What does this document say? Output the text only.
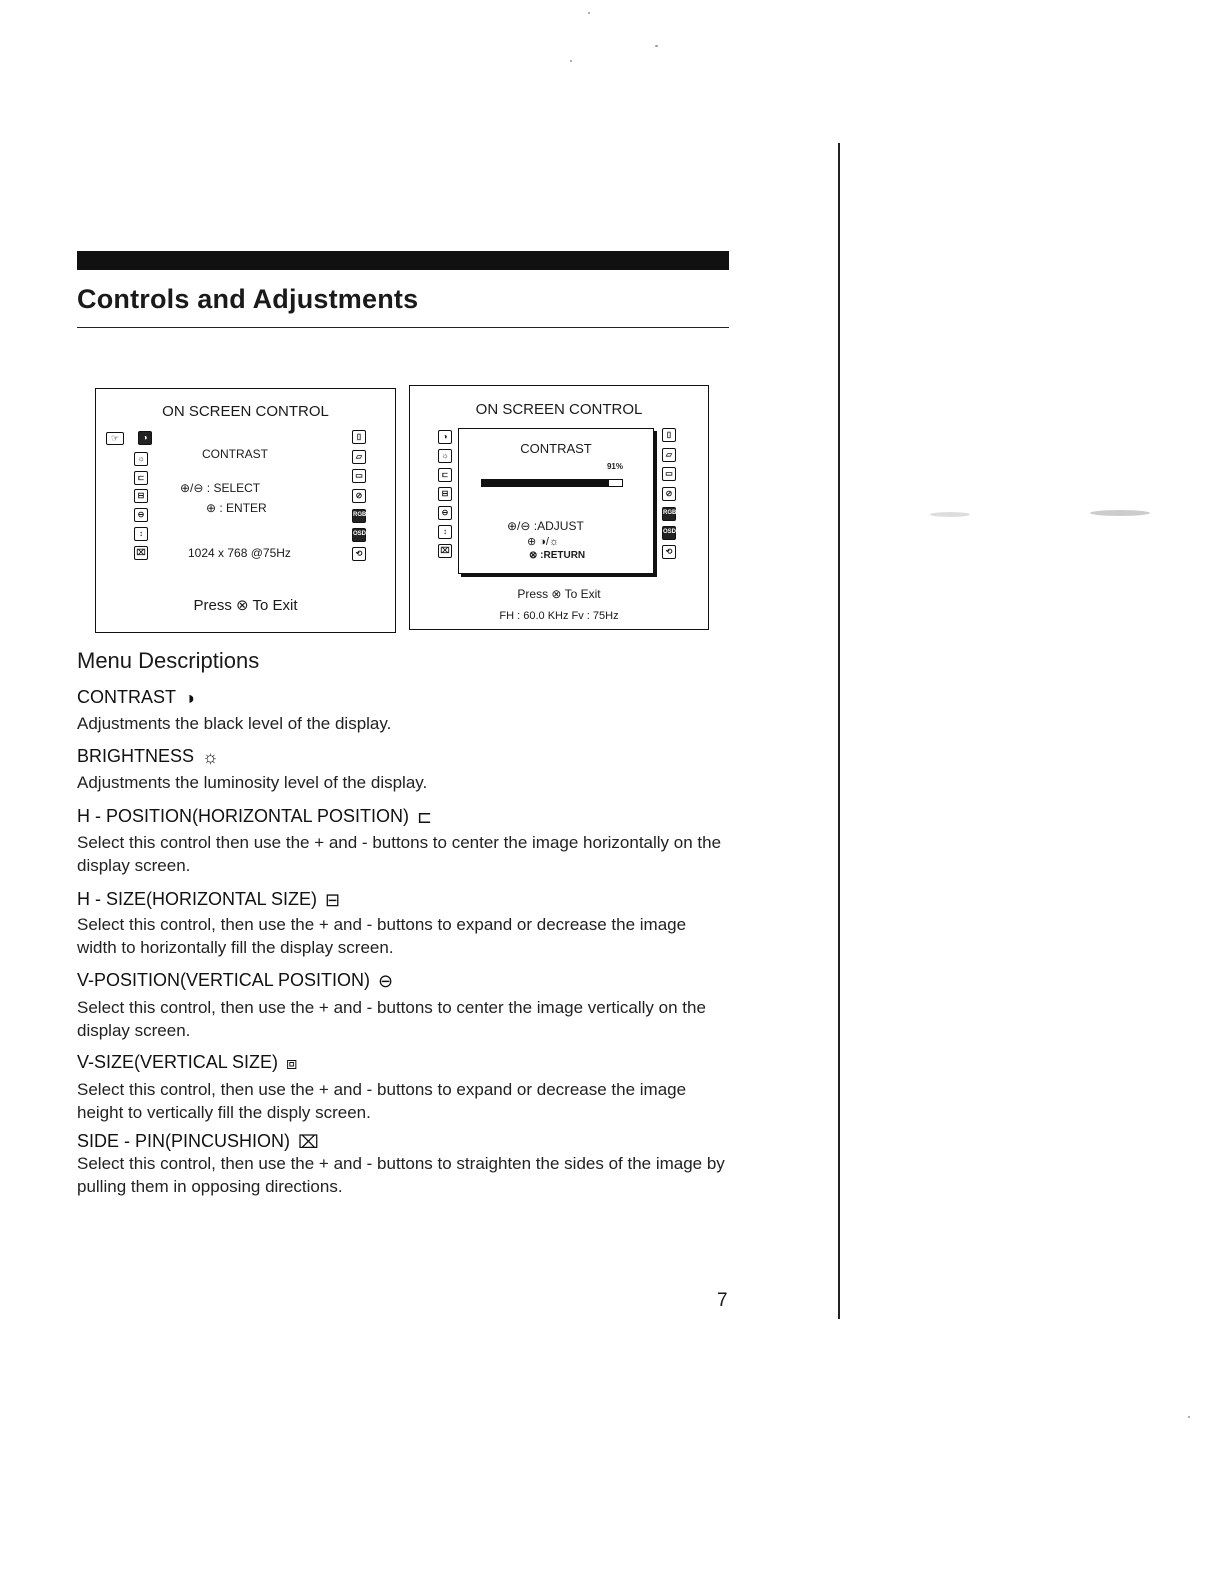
Controls and Adjustments
ON SCREEN CONTROL
☞	◑
☼
⊏
⊟
⊖
↕
⌧
▯
▱
▭
⊘
RGB
OSD
⟲
CONTRAST
⊕/⊖ : SELECT
⊕ : ENTER
1024 x 768 @75Hz
Press ⊗ To Exit
ON SCREEN CONTROL
◑
☼
⊏
⊟
⊖
↕
⌧
▯
▱
▭
⊘
RGB
OSD
⟲
CONTRAST
91%
⊕/⊖ :ADJUST
⊕ ◑/☼
⊗ :RETURN
Press ⊗ To Exit
FH : 60.0 KHz Fv : 75Hz
Menu Descriptions
CONTRAST ◑
Adjustments the black level of the display.
BRIGHTNESS ☼
Adjustments the luminosity level of the display.
H - POSITION(HORIZONTAL POSITION) ⊏
Select this control then use the + and - buttons to center the image horizontally on the display screen.
H - SIZE(HORIZONTAL SIZE) ⊟
Select this control, then use the + and - buttons to expand or decrease the image width to horizontally fill the display screen.
V-POSITION(VERTICAL POSITION) ⊖
Select this control, then use the + and - buttons to center the image vertically on the display screen.
V-SIZE(VERTICAL SIZE) ⧈
Select this control, then use the + and - buttons to expand or decrease the image height to vertically fill the disply screen.
SIDE - PIN(PINCUSHION) ⌧
Select this control, then use the + and - buttons to straighten the sides of the image by pulling them in opposing directions.
7
